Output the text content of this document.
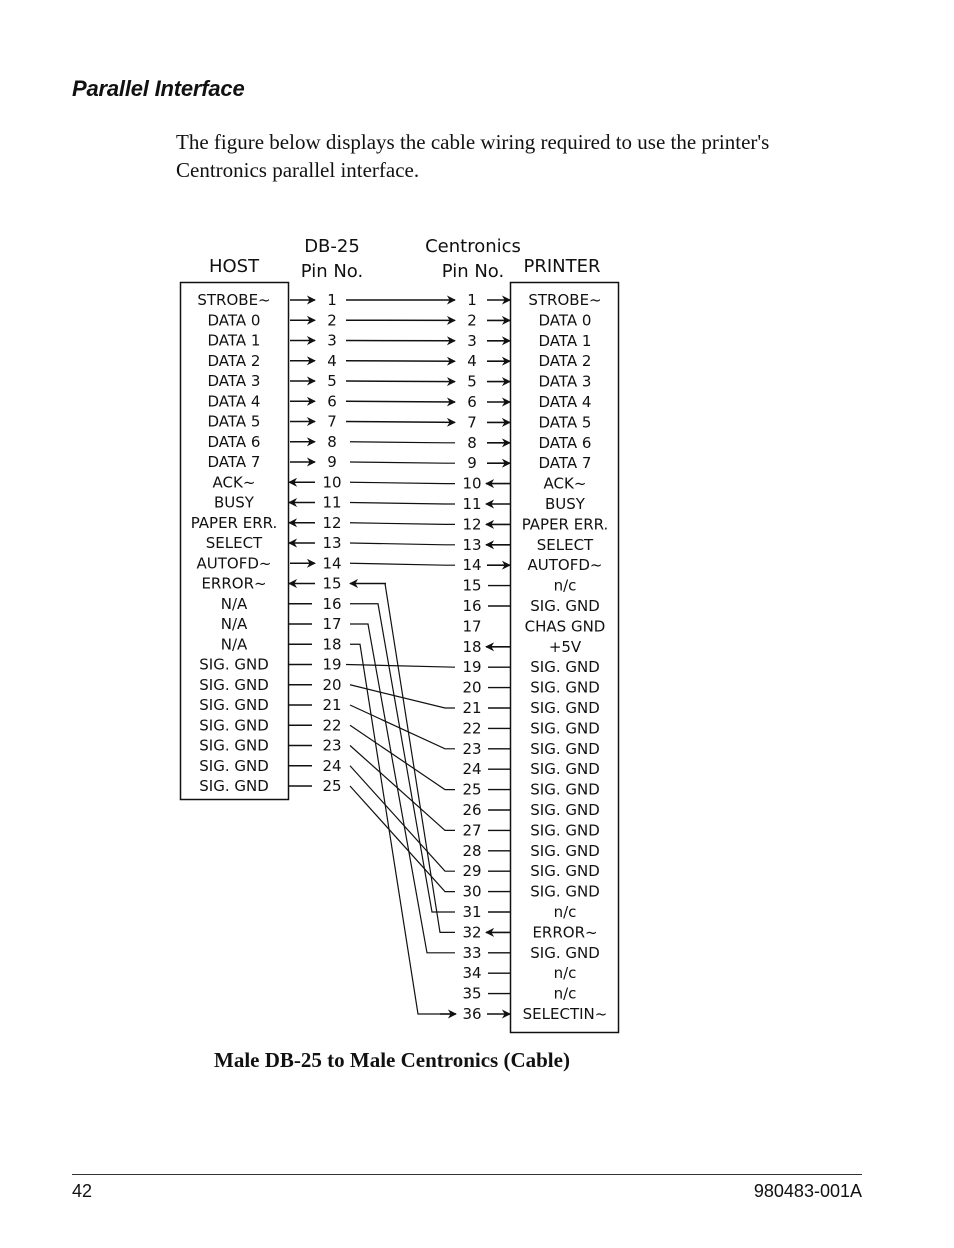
Parallel Interface

The figure below displays the cable wiring required to use the printer's Centronics parallel interface.

HOST
DB-25
Pin No.
Centronics
Pin No. PRINTER
STROBE~
DATA 0
DATA 1
DATA 2
DATA 3
DATA 4
DATA 5
DATA 6
DATA 7
ACK~
BUSY
PAPER ERR.
SELECT
AUTOFD~
ERROR~
N/A
N/A
N/A
SIG. GND
SIG. GND
SIG. GND
SIG. GND
SIG. GND
SIG. GND
SIG. GND
1
2
3
4
5
6
7
8
9
10
11
12
13
14
15
16
17
18
19
20
21
22
23
24
25
1
2
3
4
5
6
7
8
9
10
11
12
13
14
15
16
17
18
19
20
21
22
23
24
25
26
27
28
29
30
31
32
33
34
35
36
STROBE~
DATA 0
DATA 1
DATA 2
DATA 3
DATA 4
DATA 5
DATA 6
DATA 7
ACK~
BUSY
PAPER ERR.
SELECT
AUTOFD~
n/c
SIG. GND
CHAS GND
+5V
SIG. GND
SIG. GND
SIG. GND
SIG. GND
SIG. GND
SIG. GND
SIG. GND
SIG. GND
SIG. GND
SIG. GND
SIG. GND
SIG. GND
n/c
ERROR~
SIG. GND
n/c
n/c
SELECTIN~
Male DB-25 to Male Centronics (Cable)
42	980483-001A
